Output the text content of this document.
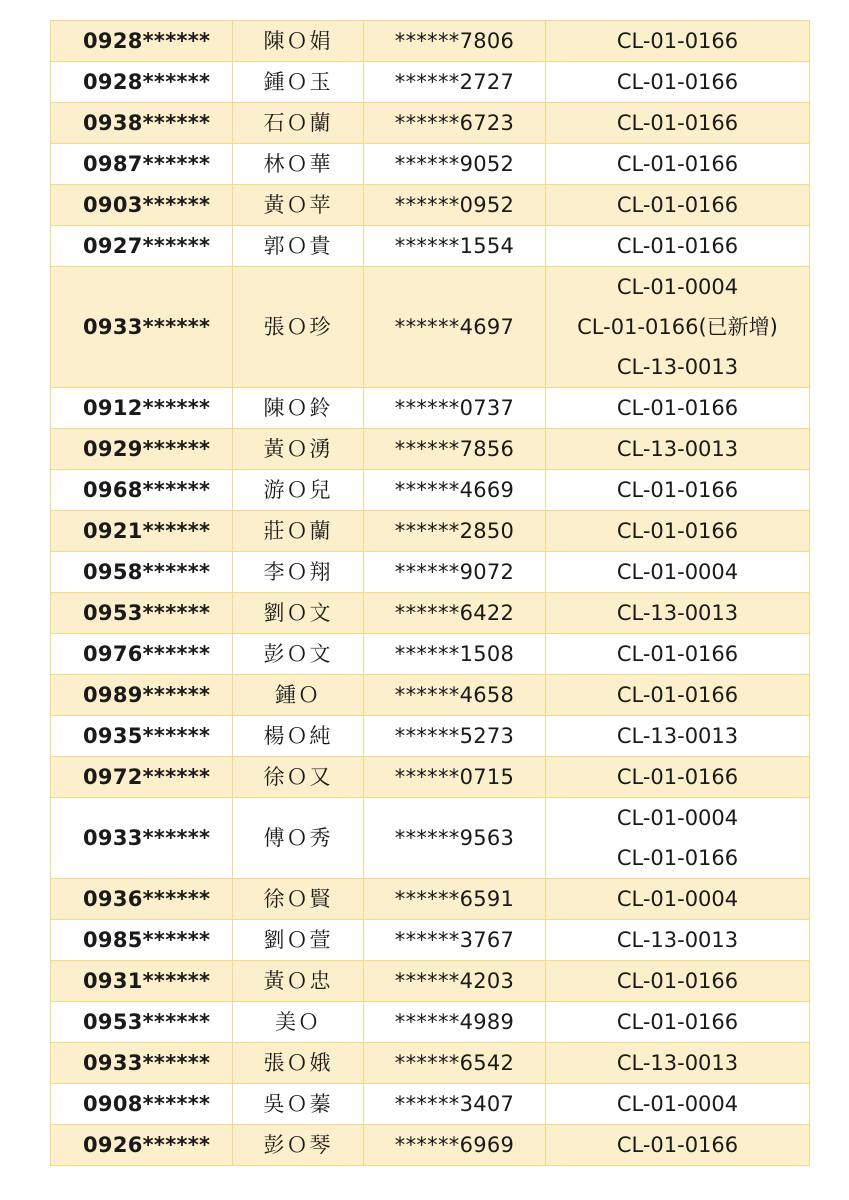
0928******	陳Ｏ娟	******7806	CL-01-0166

0928******	鍾Ｏ玉	******2727	CL-01-0166

0938******	石Ｏ蘭	******6723	CL-01-0166

0987******	林Ｏ華	******9052	CL-01-0166

0903******	黃Ｏ苹	******0952	CL-01-0166

0927******	郭Ｏ貴	******1554	CL-01-0166

0933******	張Ｏ珍	******4697	CL-01-0004
CL-01-0166(已新增)
CL-13-0013

0912******	陳Ｏ鈴	******0737	CL-01-0166

0929******	黃Ｏ湧	******7856	CL-13-0013

0968******	游Ｏ兒	******4669	CL-01-0166

0921******	莊Ｏ蘭	******2850	CL-01-0166

0958******	李Ｏ翔	******9072	CL-01-0004

0953******	劉Ｏ文	******6422	CL-13-0013

0976******	彭Ｏ文	******1508	CL-01-0166

0989******	鍾Ｏ	******4658	CL-01-0166

0935******	楊Ｏ純	******5273	CL-13-0013

0972******	徐Ｏ又	******0715	CL-01-0166

0933******	傅Ｏ秀	******9563	CL-01-0004
CL-01-0166

0936******	徐Ｏ賢	******6591	CL-01-0004

0985******	劉Ｏ萱	******3767	CL-13-0013

0931******	黃Ｏ忠	******4203	CL-01-0166

0953******	美Ｏ	******4989	CL-01-0166

0933******	張Ｏ娥	******6542	CL-13-0013

0908******	吳Ｏ蓁	******3407	CL-01-0004

0926******	彭Ｏ琴	******6969	CL-01-0166
